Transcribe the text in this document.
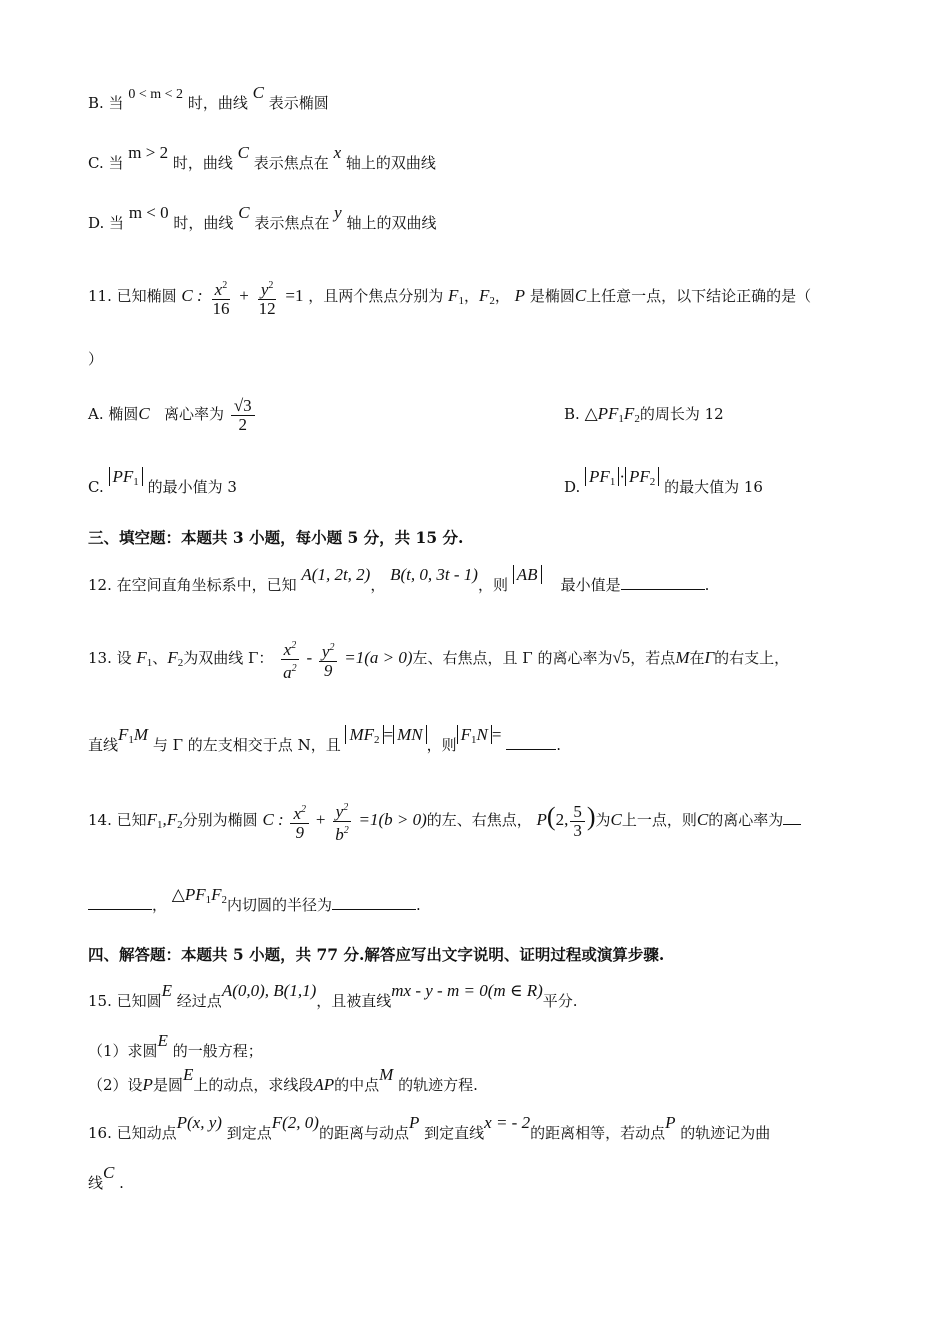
B. 当 0 < m < 2 时，曲线 C 表示椭圆
C. 当 m > 2 时，曲线 C 表示焦点在 x 轴上的双曲线
D. 当 m < 0 时，曲线 C 表示焦点在 y 轴上的双曲线
11. 已知椭圆 C : $\frac{x^2}{16} + \frac{y^2}{12} =1$ ，且两个焦点分别为 $F_1$，$F_2$， P 是椭圆C上任意一点，以下结论正确的是（
）
A. 椭圆C 离心率为 $\frac{√3}{2}$	B. $\triangle PF_1F_2$的周长为 12
C. $PF_1$ 的最小值为 3	D. $PF_1 \cdot PF_2$ 的最大值为 16
三、填空题：本题共 3 小题，每小题 5 分，共 15 分.
12. 在空间直角坐标系中，已知 A(1, 2t, 2)， B(t, 0, 3t - 1)，则 AB    最小值是	.
13. 设 $F_1$、$F_2$为双曲线 Γ： $\frac{x^2}{a^2} - \frac{y^2}{9} =1(a > 0)$左、右焦点，且 Γ 的离心率为√5，若点M在Γ的右支上，
直线$F_1M$ 与 Γ 的左支相交于点 N，且 $MF_2$ = MN，则$F_1N$ = .
14. 已知$F_1,F_2$分别为椭圆 C : $\frac{x^2}{9} + \frac{y^2}{b^2} =1(b > 0)$的左、右焦点， P(2, $\frac{5}{3}$ )为C上一点，则C的离心率为
， $\triangle PF_1F_2$内切圆的半径为	.
四、解答题：本题共 5 小题，共 77 分.解答应写出文字说明、证明过程或演算步骤.
15. 已知圆E 经过点A(0,0), B(1,1)，且被直线mx - y - m = 0(m ∈ R)平分.
（1）求圆E 的一般方程；
（2）设P是圆E上的动点，求线段AP的中点M 的轨迹方程.
16. 已知动点P(x, y) 到定点F(2, 0)的距离与动点P 到定直线x = - 2的距离相等，若动点P 的轨迹记为曲
线C .
